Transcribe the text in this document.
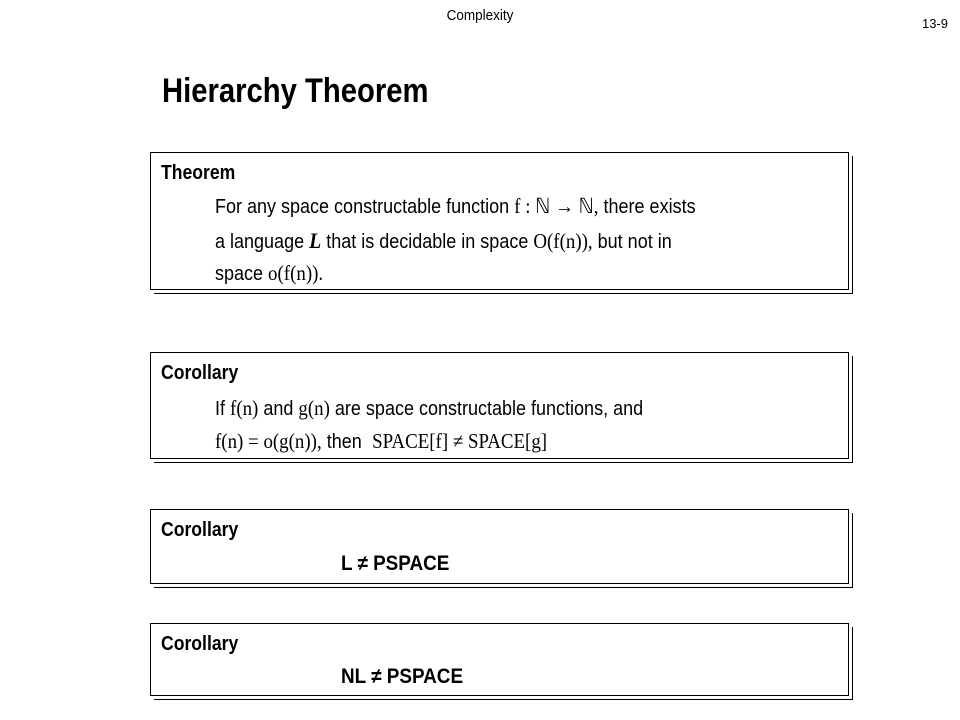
Complexity	13-9
Hierarchy Theorem
Theorem
For any space constructable function f : ℕ → ℕ, there exists
a language L that is decidable in space O(f(n)), but not in
space o(f(n)).
Corollary
If f(n) and g(n) are space constructable functions, and
f(n) = o(g(n)), then SPACE[f] ≠ SPACE[g]
Corollary
L ≠ PSPACE
Corollary
NL ≠ PSPACE
